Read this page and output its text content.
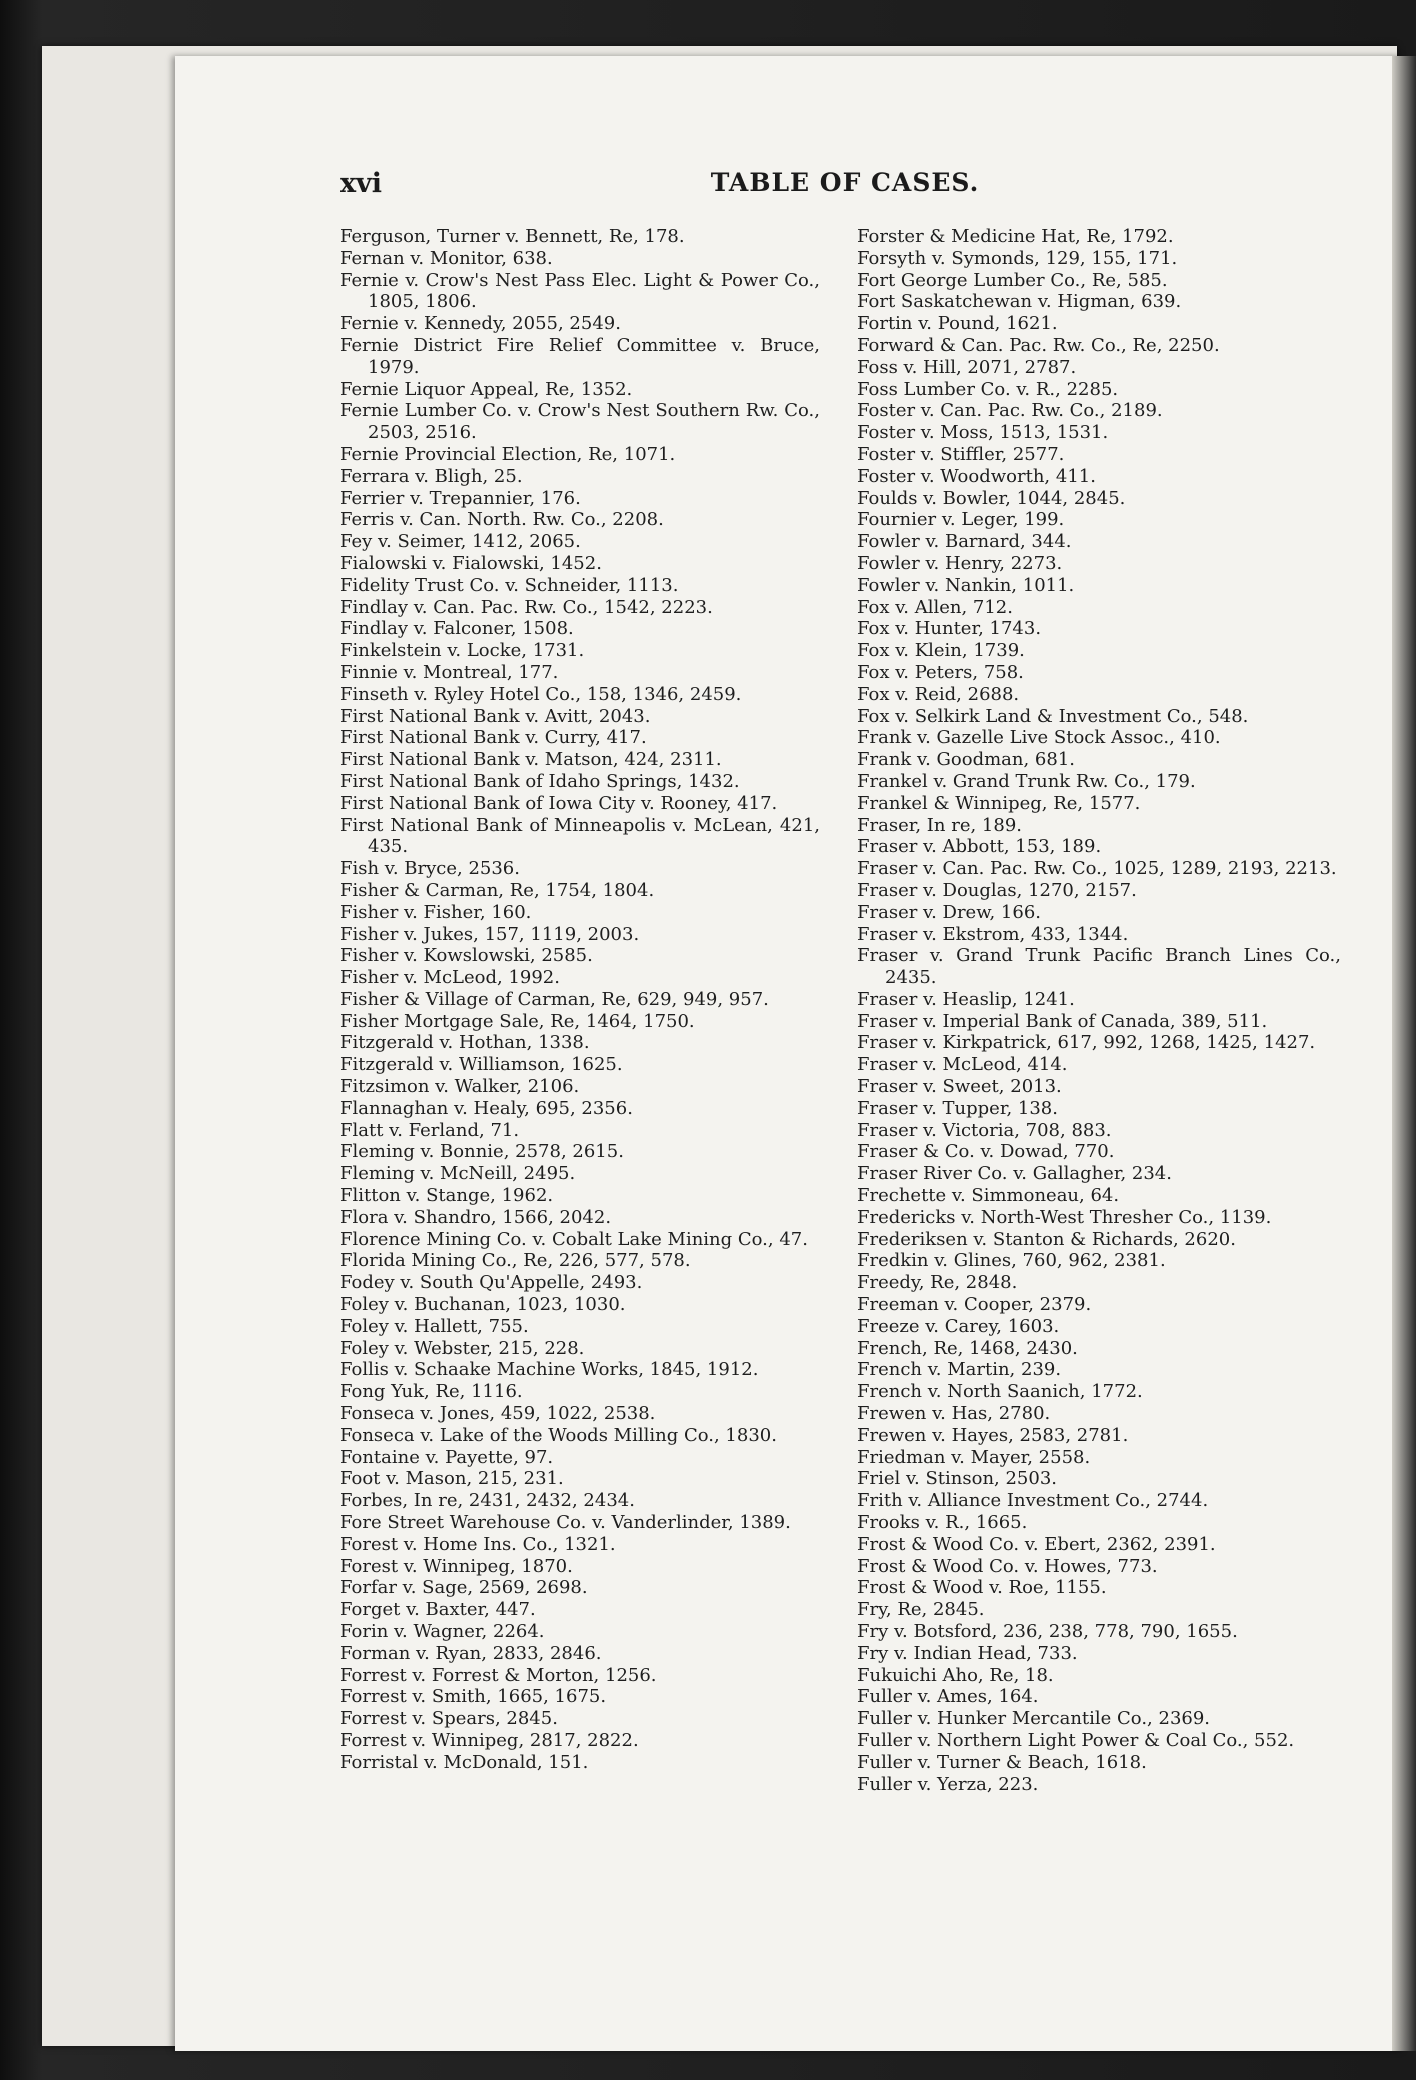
xvi	TABLE OF CASES.

Ferguson, Turner v. Bennett, Re, 178.

Fernan v. Monitor, 638.

Fernie v. Crow's Nest Pass Elec. Light & Power Co., 1805, 1806.

Fernie v. Kennedy, 2055, 2549.

Fernie District Fire Relief Committee v. Bruce, 1979.

Fernie Liquor Appeal, Re, 1352.

Fernie Lumber Co. v. Crow's Nest Southern Rw. Co., 2503, 2516.

Fernie Provincial Election, Re, 1071.

Ferrara v. Bligh, 25.

Ferrier v. Trepannier, 176.

Ferris v. Can. North. Rw. Co., 2208.

Fey v. Seimer, 1412, 2065.

Fialowski v. Fialowski, 1452.

Fidelity Trust Co. v. Schneider, 1113.

Findlay v. Can. Pac. Rw. Co., 1542, 2223.

Findlay v. Falconer, 1508.

Finkelstein v. Locke, 1731.

Finnie v. Montreal, 177.

Finseth v. Ryley Hotel Co., 158, 1346, 2459.

First National Bank v. Avitt, 2043.

First National Bank v. Curry, 417.

First National Bank v. Matson, 424, 2311.

First National Bank of Idaho Springs, 1432.

First National Bank of Iowa City v. Rooney, 417.

First National Bank of Minneapolis v. McLean, 421, 435.

Fish v. Bryce, 2536.

Fisher & Carman, Re, 1754, 1804.

Fisher v. Fisher, 160.

Fisher v. Jukes, 157, 1119, 2003.

Fisher v. Kowslowski, 2585.

Fisher v. McLeod, 1992.

Fisher & Village of Carman, Re, 629, 949, 957.

Fisher Mortgage Sale, Re, 1464, 1750.

Fitzgerald v. Hothan, 1338.

Fitzgerald v. Williamson, 1625.

Fitzsimon v. Walker, 2106.

Flannaghan v. Healy, 695, 2356.

Flatt v. Ferland, 71.

Fleming v. Bonnie, 2578, 2615.

Fleming v. McNeill, 2495.

Flitton v. Stange, 1962.

Flora v. Shandro, 1566, 2042.

Florence Mining Co. v. Cobalt Lake Mining Co., 47.

Florida Mining Co., Re, 226, 577, 578.

Fodey v. South Qu'Appelle, 2493.

Foley v. Buchanan, 1023, 1030.

Foley v. Hallett, 755.

Foley v. Webster, 215, 228.

Follis v. Schaake Machine Works, 1845, 1912.

Fong Yuk, Re, 1116.

Fonseca v. Jones, 459, 1022, 2538.

Fonseca v. Lake of the Woods Milling Co., 1830.

Fontaine v. Payette, 97.

Foot v. Mason, 215, 231.

Forbes, In re, 2431, 2432, 2434.

Fore Street Warehouse Co. v. Vanderlinder, 1389.

Forest v. Home Ins. Co., 1321.

Forest v. Winnipeg, 1870.

Forfar v. Sage, 2569, 2698.

Forget v. Baxter, 447.

Forin v. Wagner, 2264.

Forman v. Ryan, 2833, 2846.

Forrest v. Forrest & Morton, 1256.

Forrest v. Smith, 1665, 1675.

Forrest v. Spears, 2845.

Forrest v. Winnipeg, 2817, 2822.

Forristal v. McDonald, 151.

Forster & Medicine Hat, Re, 1792.

Forsyth v. Symonds, 129, 155, 171.

Fort George Lumber Co., Re, 585.

Fort Saskatchewan v. Higman, 639.

Fortin v. Pound, 1621.

Forward & Can. Pac. Rw. Co., Re, 2250.

Foss v. Hill, 2071, 2787.

Foss Lumber Co. v. R., 2285.

Foster v. Can. Pac. Rw. Co., 2189.

Foster v. Moss, 1513, 1531.

Foster v. Stiffler, 2577.

Foster v. Woodworth, 411.

Foulds v. Bowler, 1044, 2845.

Fournier v. Leger, 199.

Fowler v. Barnard, 344.

Fowler v. Henry, 2273.

Fowler v. Nankin, 1011.

Fox v. Allen, 712.

Fox v. Hunter, 1743.

Fox v. Klein, 1739.

Fox v. Peters, 758.

Fox v. Reid, 2688.

Fox v. Selkirk Land & Investment Co., 548.

Frank v. Gazelle Live Stock Assoc., 410.

Frank v. Goodman, 681.

Frankel v. Grand Trunk Rw. Co., 179.

Frankel & Winnipeg, Re, 1577.

Fraser, In re, 189.

Fraser v. Abbott, 153, 189.

Fraser v. Can. Pac. Rw. Co., 1025, 1289, 2193, 2213.

Fraser v. Douglas, 1270, 2157.

Fraser v. Drew, 166.

Fraser v. Ekstrom, 433, 1344.

Fraser v. Grand Trunk Pacific Branch Lines Co., 2435.

Fraser v. Heaslip, 1241.

Fraser v. Imperial Bank of Canada, 389, 511.

Fraser v. Kirkpatrick, 617, 992, 1268, 1425, 1427.

Fraser v. McLeod, 414.

Fraser v. Sweet, 2013.

Fraser v. Tupper, 138.

Fraser v. Victoria, 708, 883.

Fraser & Co. v. Dowad, 770.

Fraser River Co. v. Gallagher, 234.

Frechette v. Simmoneau, 64.

Fredericks v. North-West Thresher Co., 1139.

Frederiksen v. Stanton & Richards, 2620.

Fredkin v. Glines, 760, 962, 2381.

Freedy, Re, 2848.

Freeman v. Cooper, 2379.

Freeze v. Carey, 1603.

French, Re, 1468, 2430.

French v. Martin, 239.

French v. North Saanich, 1772.

Frewen v. Has, 2780.

Frewen v. Hayes, 2583, 2781.

Friedman v. Mayer, 2558.

Friel v. Stinson, 2503.

Frith v. Alliance Investment Co., 2744.

Frooks v. R., 1665.

Frost & Wood Co. v. Ebert, 2362, 2391.

Frost & Wood Co. v. Howes, 773.

Frost & Wood v. Roe, 1155.

Fry, Re, 2845.

Fry v. Botsford, 236, 238, 778, 790, 1655.

Fry v. Indian Head, 733.

Fukuichi Aho, Re, 18.

Fuller v. Ames, 164.

Fuller v. Hunker Mercantile Co., 2369.

Fuller v. Northern Light Power & Coal Co., 552.

Fuller v. Turner & Beach, 1618.

Fuller v. Yerza, 223.
